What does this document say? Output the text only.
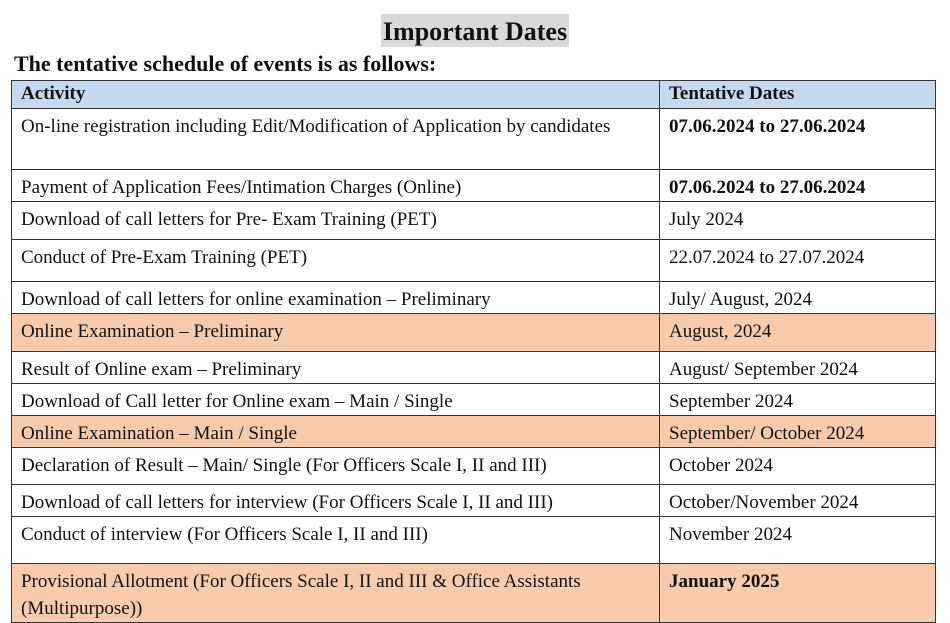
Important Dates
The tentative schedule of events is as follows:
Activity	Tentative Dates
On-line registration including Edit/Modification of Application by candidates	07.06.2024 to 27.06.2024
Payment of Application Fees/Intimation Charges (Online)	07.06.2024 to 27.06.2024
Download of call letters for Pre- Exam Training (PET)	July 2024
Conduct of Pre-Exam Training (PET)	22.07.2024 to 27.07.2024
Download of call letters for online examination – Preliminary	July/ August, 2024
Online Examination – Preliminary	August, 2024
Result of Online exam – Preliminary	August/ September 2024
Download of Call letter for Online exam – Main / Single	September 2024
Online Examination – Main / Single	September/ October 2024
Declaration of Result – Main/ Single (For Officers Scale I, II and III)	October 2024
Download of call letters for interview (For Officers Scale I, II and III)	October/November 2024
Conduct of interview (For Officers Scale I, II and III)	November 2024
Provisional Allotment (For Officers Scale I, II and III & Office Assistants (Multipurpose))	January 2025
